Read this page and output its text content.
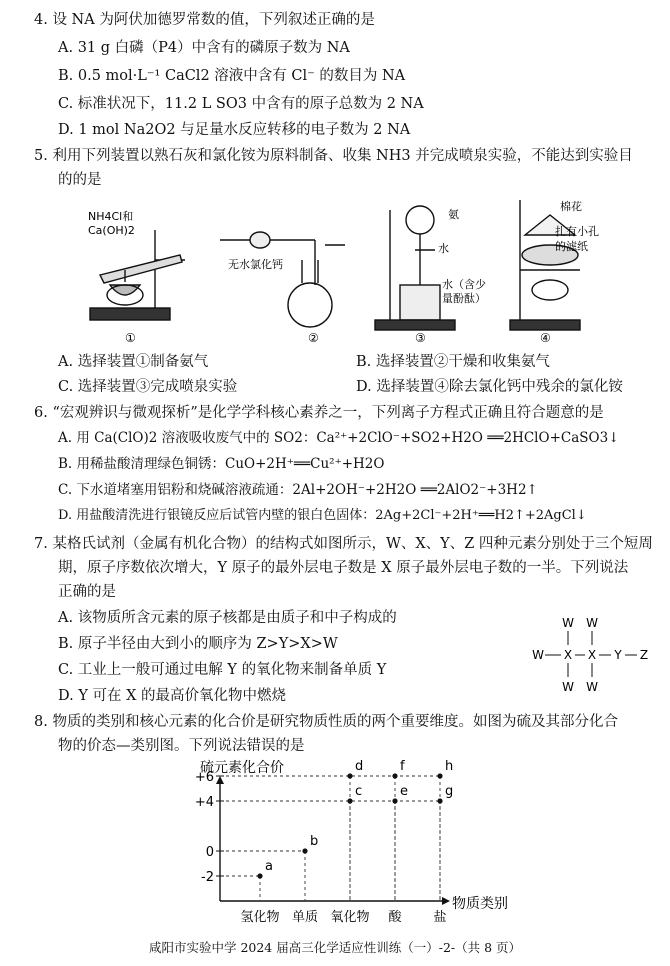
4. 设 NA 为阿伏加德罗常数的值，下列叙述正确的是
A. 31 g 白磷（P4）中含有的磷原子数为 NA
B. 0.5 mol·L⁻¹ CaCl2 溶液中含有 Cl⁻ 的数目为 NA
C. 标准状况下，11.2 L SO3 中含有的原子总数为 2 NA
D. 1 mol Na2O2 与足量水反应转移的电子数为 2 NA
5. 利用下列装置以熟石灰和氯化铵为原料制备、收集 NH3 并完成喷泉实验，不能达到实验目
的的是
NH4Cl和
Ca(OH)2
无水氯化钙
氨
水
水（含少
量酚酞）
棉花
扎有小孔
的滤纸
①	②	③	④
A. 选择装置①制备氨气	B. 选择装置②干燥和收集氨气
C. 选择装置③完成喷泉实验	D. 选择装置④除去氯化钙中残余的氯化铵
6. “宏观辨识与微观探析”是化学学科核心素养之一，下列离子方程式正确且符合题意的是
A. 用 Ca(ClO)2 溶液吸收废气中的 SO2：Ca²⁺+2ClO⁻+SO2+H2O ══2HClO+CaSO3↓
B. 用稀盐酸清理绿色铜锈：CuO+2H⁺══Cu²⁺+H2O
C. 下水道堵塞用铝粉和烧碱溶液疏通：2Al+2OH⁻+2H2O ══2AlO2⁻+3H2↑
D. 用盐酸清洗进行银镜反应后试管内壁的银白色固体：2Ag+2Cl⁻+2H⁺══H2↑+2AgCl↓
7. 某格氏试剂（金属有机化合物）的结构式如图所示，W、X、Y、Z 四种元素分别处于三个短周
期，原子序数依次增大，Y 原子的最外层电子数是 X 原子最外层电子数的一半。下列说法
正确的是
A. 该物质所含元素的原子核都是由质子和中子构成的
B. 原子半径由大到小的顺序为 Z>Y>X>W
C. 工业上一般可通过电解 Y 的氧化物来制备单质 Y
D. Y 可在 X 的最高价氧化物中燃烧
W W
W X X Y Z
W W
8. 物质的类别和核心元素的化合价是研究物质性质的两个重要维度。如图为硫及其部分化合
物的价态—类别图。下列说法错误的是
硫元素化合价
物质类别
+6
+4
0
-2
氢化物 单质 氧化物 酸 盐
a
b
c
d
e
f
g
h
咸阳市实验中学 2024 届高三化学适应性训练（一）-2-（共 8 页）
